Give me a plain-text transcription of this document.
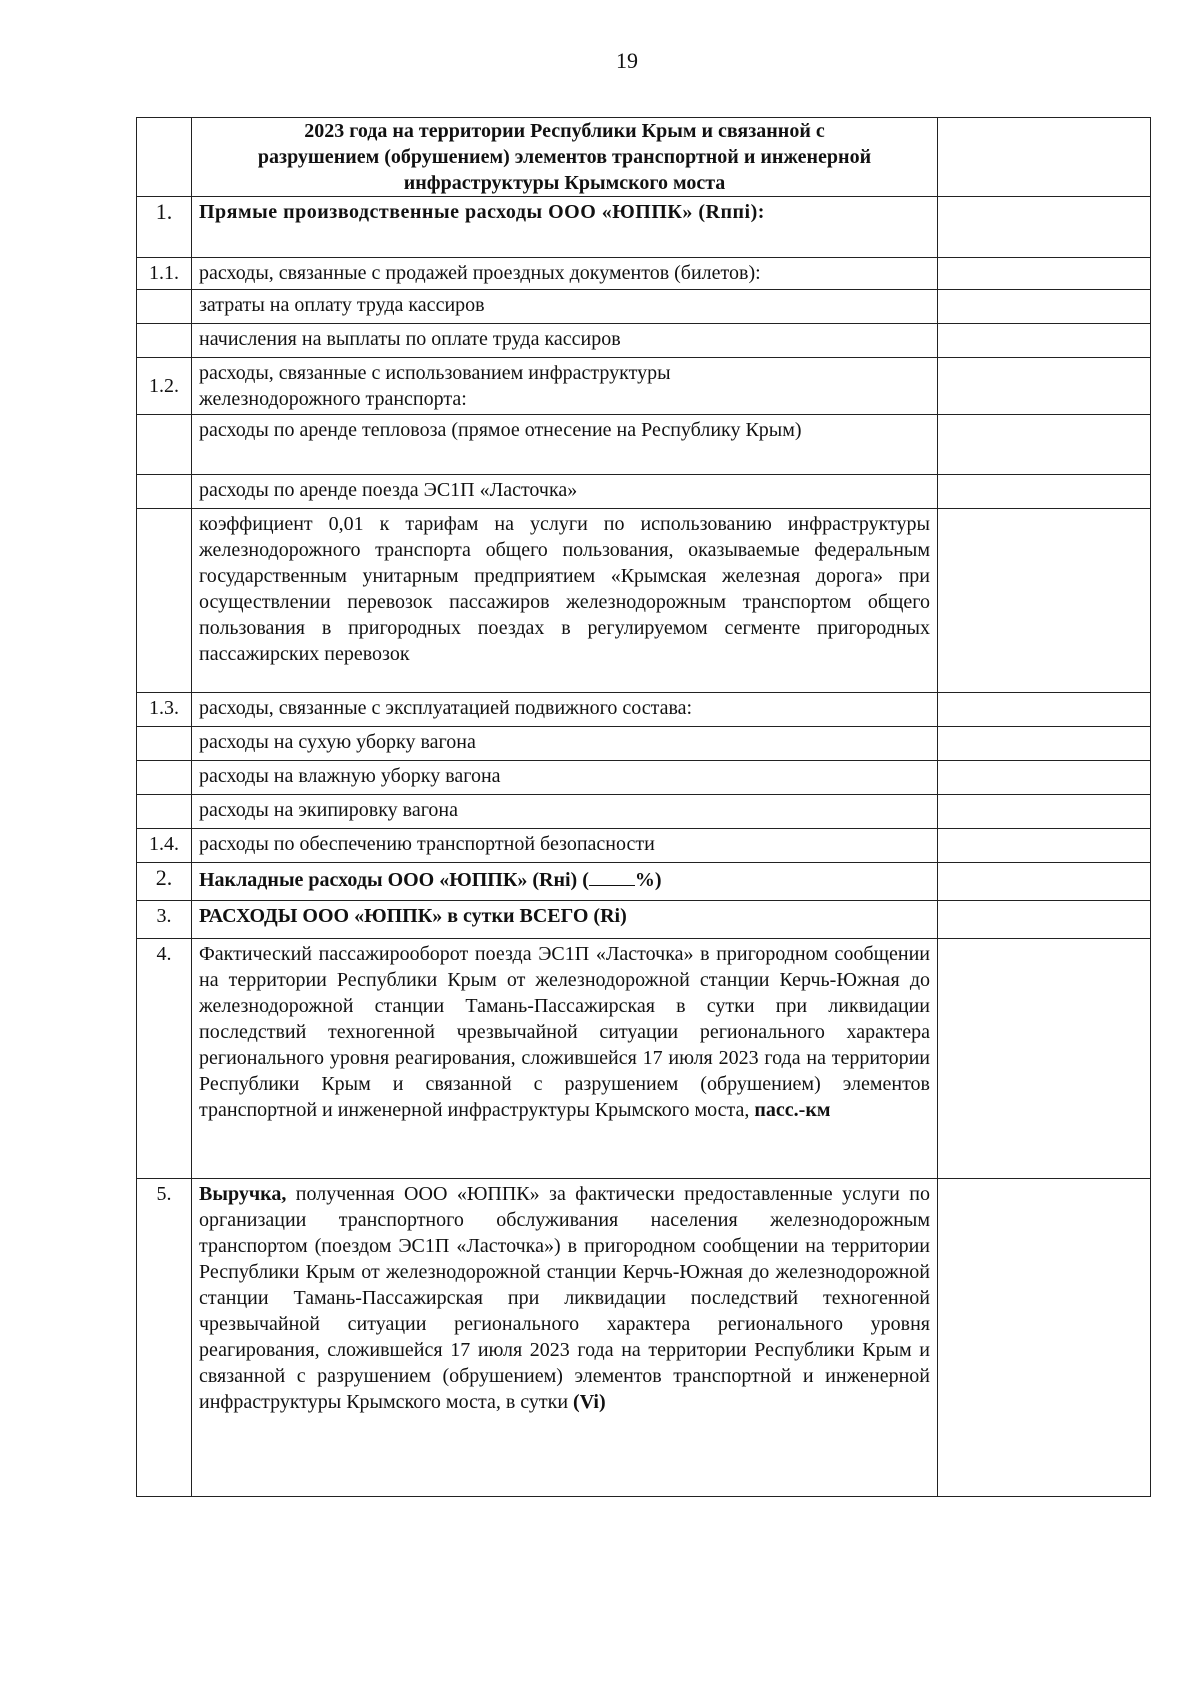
19
	2023 года на территории Республики Крым и связанной с разрушением (обрушением) элементов транспортной и инженерной инфраструктуры Крымского моста	
1.	Прямые производственные расходы ООО «ЮППК» (Rппi):	
1.1.	расходы, связанные с продажей проездных документов (билетов):	
	затраты на оплату труда кассиров	
	начисления на выплаты по оплате труда кассиров	
1.2.	расходы, связанные с использованием инфраструктуры железнодорожного транспорта:	
	расходы по аренде тепловоза (прямое отнесение на Республику Крым)	
	расходы по аренде поезда ЭС1П «Ласточка»	
	коэффициент 0,01 к тарифам на услуги по использованию инфраструктуры железнодорожного транспорта общего пользования, оказываемые федеральным государственным унитарным предприятием «Крымская железная дорога» при осуществлении перевозок пассажиров железнодорожным транспортом общего пользования в пригородных поездах в регулируемом сегменте пригородных пассажирских перевозок	
1.3.	расходы, связанные с эксплуатацией подвижного состава:	
	расходы на сухую уборку вагона	
	расходы на влажную уборку вагона	
	расходы на экипировку вагона	
1.4.	расходы по обеспечению транспортной безопасности	
2.	Накладные расходы ООО «ЮППК» (Rнi) ( %)	
3.	РАСХОДЫ ООО «ЮППК» в сутки ВСЕГО (Ri)	
4.	Фактический пассажирооборот поезда ЭС1П «Ласточка» в пригородном сообщении на территории Республики Крым от железнодорожной станции Керчь-Южная до железнодорожной станции Тамань-Пассажирская в сутки при ликвидации последствий техногенной чрезвычайной ситуации регионального характера регионального уровня реагирования, сложившейся 17 июля 2023 года на территории Республики Крым и связанной с разрушением (обрушением) элементов транспортной и инженерной инфраструктуры Крымского моста, пасс.-км	
5.	Выручка, полученная ООО «ЮППК» за фактически предоставленные услуги по организации транспортного обслуживания населения железнодорожным транспортом (поездом ЭС1П «Ласточка») в пригородном сообщении на территории Республики Крым от железнодорожной станции Керчь-Южная до железнодорожной станции Тамань-Пассажирская при ликвидации последствий техногенной чрезвычайной ситуации регионального характера регионального уровня реагирования, сложившейся 17 июля 2023 года на территории Республики Крым и связанной с разрушением (обрушением) элементов транспортной и инженерной инфраструктуры Крымского моста, в сутки (Vi)	
